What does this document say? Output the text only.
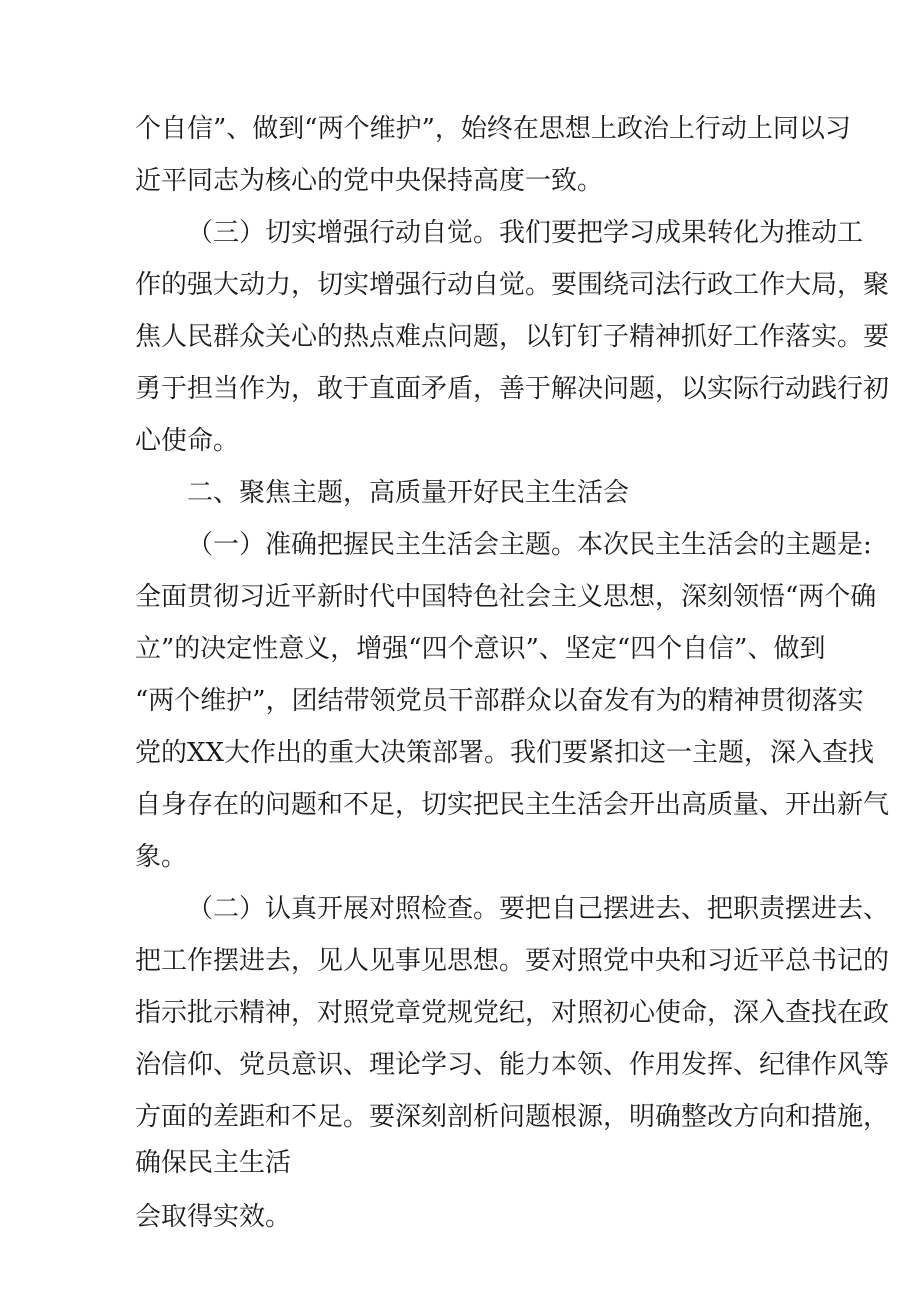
个自信”、做到“两个维护”，始终在思想上政治上行动上同以习
近平同志为核心的党中央保持高度一致。
（三）切实增强行动自觉。我们要把学习成果转化为推动工
作的强大动力，切实增强行动自觉。要围绕司法行政工作大局，聚
焦人民群众关心的热点难点问题，以钉钉子精神抓好工作落实。要
勇于担当作为，敢于直面矛盾，善于解决问题，以实际行动践行初
心使命。
二、聚焦主题，高质量开好民主生活会
（一）准确把握民主生活会主题。本次民主生活会的主题是:
全面贯彻习近平新时代中国特色社会主义思想，深刻领悟“两个确
立”的决定性意义，增强“四个意识”、坚定“四个自信”、做到
“两个维护”，团结带领党员干部群众以奋发有为的精神贯彻落实
党的XX大作出的重大决策部署。我们要紧扣这一主题，深入查找
自身存在的问题和不足，切实把民主生活会开出高质量、开出新气
象。
（二）认真开展对照检查。要把自己摆进去、把职责摆进去、
把工作摆进去，见人见事见思想。要对照党中央和习近平总书记的
指示批示精神，对照党章党规党纪，对照初心使命，深入查找在政
治信仰、党员意识、理论学习、能力本领、作用发挥、纪律作风等
方面的差距和不足。要深刻剖析问题根源，明确整改方向和措施，
确保民主生活
会取得实效。
